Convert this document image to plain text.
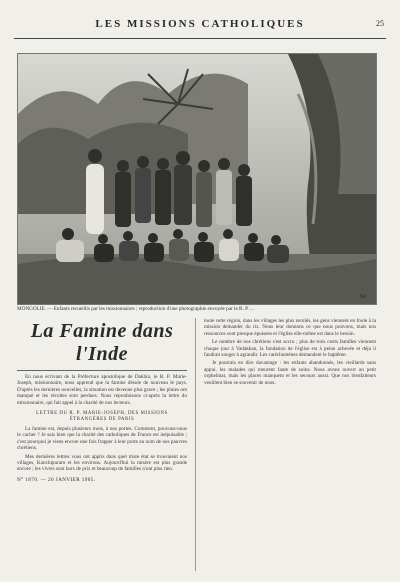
LES MISSIONS CATHOLIQUES	25
Nd
MONGOLIE. — Enfants recueillis par les missionnaires ; reproduction d'une photographie envoyée par le R. P. ...
La Famine dans l'Inde

En nous écrivant de la Préfecture apostolique de Dakhin, le R. P. Marie-Joseph, missionnaire, nous apprend que la famine désole de nouveau le pays. D'après les dernières nouvelles, la situation est devenue plus grave ; les pluies ont manqué et les récoltes sont perdues. Nous reproduisons ci-après la lettre du missionnaire, qui fait appel à la charité de nos lecteurs.

LETTRE DU R. P. MARIE-JOSEPH, DES MISSIONS ÉTRANGÈRES DE PARIS

La famine est, depuis plusieurs mois, à nos portes. Comment, pouvons-nous le cacher ? Je sais bien que la charité des catholiques de France est inépuisable ; c'est pourquoi je viens encore une fois frapper à leur porte au nom de nos pauvres chrétiens.

Mes dernières lettres vous ont appris dans quel triste état se trouvaient nos villages, Kanchipuram et les environs. Aujourd'hui la misère est plus grande encore ; les vivres sont hors de prix et beaucoup de familles n'ont plus rien.

N° 1870. — 20 JANVIER 1905.

toute cette région, dans les villages les plus reculés, les gens viennent en foule à la mission demander du riz. Nous leur donnons ce que nous pouvons, mais nos ressources sont presque épuisées et l'église elle-même est dans le besoin.

Le nombre de nos chrétiens s'est accru ; plus de trois cents familles viennent chaque jour à Vadakkan, la fondation de l'église est à peine achevée et déjà il faudrait songer à agrandir. Les catéchumènes demandent le baptême.

Je pourrais en dire davantage : les enfants abandonnés, les vieillards sans appui, les malades qui meurent faute de soins. Nous avons ouvert un petit orphelinat, mais les places manquent et les secours aussi. Que nos bienfaiteurs veuillent bien se souvenir de nous.
